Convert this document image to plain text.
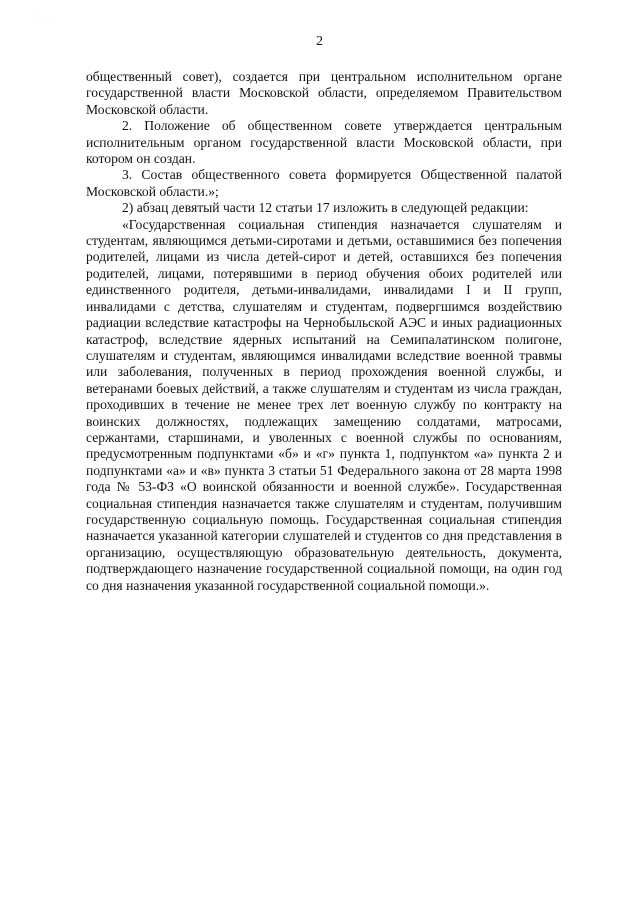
·
`
2

общественный совет), создается при центральном исполнительном органе государственной власти Московской области, определяемом Правительством Московской области.

2. Положение об общественном совете утверждается центральным исполнительным органом государственной власти Московской области, при котором он создан.

3. Состав общественного совета формируется Общественной палатой Московской области.»;

2) абзац девятый части 12 статьи 17 изложить в следующей редакции:

«Государственная социальная стипендия назначается слушателям и студентам, являющимся детьми-сиротами и детьми, оставшимися без попечения родителей, лицами из числа детей-сирот и детей, оставшихся без попечения родителей, лицами, потерявшими в период обучения обоих родителей или единственного родителя, детьми-инвалидами, инвалидами I и II групп, инвалидами с детства, слушателям и студентам, подвергшимся воздействию радиации вследствие катастрофы на Чернобыльской АЭС и иных радиационных катастроф, вследствие ядерных испытаний на Семипалатинском полигоне, слушателям и студентам, являющимся инвалидами вследствие военной травмы или заболевания, полученных в период прохождения военной службы, и ветеранами боевых действий, а также слушателям и студентам из числа граждан, проходивших в течение не менее трех лет военную службу по контракту на воинских должностях, подлежащих замещению солдатами, матросами, сержантами, старшинами, и уволенных с военной службы по основаниям, предусмотренным подпунктами «б» и «г» пункта 1, подпунктом «а» пункта 2 и подпунктами «а» и «в» пункта 3 статьи 51 Федерального закона от 28 марта 1998 года № 53-ФЗ «О воинской обязанности и военной службе». Государственная социальная стипендия назначается также слушателям и студентам, получившим государственную социальную помощь. Государственная социальная стипендия назначается указанной категории слушателей и студентов со дня представления в организацию, осуществляющую образовательную деятельность, документа, подтверждающего назначение государственной социальной помощи, на один год со дня назначения указанной государственной социальной помощи.».
